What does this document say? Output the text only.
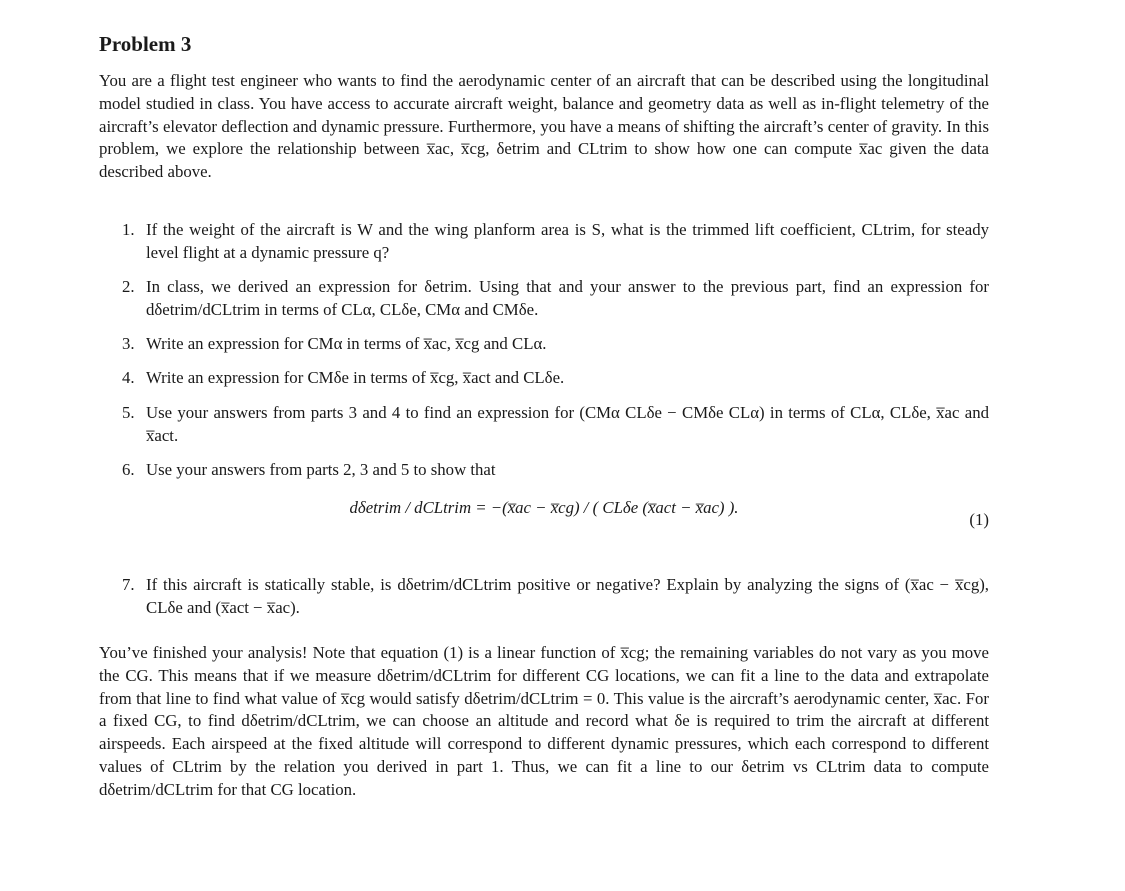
Problem 3
You are a flight test engineer who wants to find the aerodynamic center of an aircraft that can be described using the longitudinal model studied in class. You have access to accurate aircraft weight, balance and geometry data as well as in-flight telemetry of the aircraft’s elevator deflection and dynamic pressure. Furthermore, you have a means of shifting the aircraft’s center of gravity. In this problem, we explore the relationship between x̅ac, x̅cg, δetrim and CLtrim to show how one can compute x̅ac given the data described above.
1. If the weight of the aircraft is W and the wing planform area is S, what is the trimmed lift coefficient, CLtrim, for steady level flight at a dynamic pressure q?
2. In class, we derived an expression for δetrim. Using that and your answer to the previous part, find an expression for dδetrim/dCLtrim in terms of CLα, CLδe, CMα and CMδe.
3. Write an expression for CMα in terms of x̅ac, x̅cg and CLα.
4. Write an expression for CMδe in terms of x̅cg, x̅act and CLδe.
5. Use your answers from parts 3 and 4 to find an expression for (CMα CLδe − CMδe CLα) in terms of CLα, CLδe, x̅ac and x̅act.
6. Use your answers from parts 2, 3 and 5 to show that
dδetrim / dCLtrim = −(x̅ac − x̅cg) / ( CLδe (x̅act − x̅ac) ).
(1)
7. If this aircraft is statically stable, is dδetrim/dCLtrim positive or negative? Explain by analyzing the signs of (x̅ac − x̅cg), CLδe and (x̅act − x̅ac).
You’ve finished your analysis! Note that equation (1) is a linear function of x̅cg; the remaining variables do not vary as you move the CG. This means that if we measure dδetrim/dCLtrim for different CG locations, we can fit a line to the data and extrapolate from that line to find what value of x̅cg would satisfy dδetrim/dCLtrim = 0. This value is the aircraft’s aerodynamic center, x̅ac. For a fixed CG, to find dδetrim/dCLtrim, we can choose an altitude and record what δe is required to trim the aircraft at different airspeeds. Each airspeed at the fixed altitude will correspond to different dynamic pressures, which each correspond to different values of CLtrim by the relation you derived in part 1. Thus, we can fit a line to our δetrim vs CLtrim data to compute dδetrim/dCLtrim for that CG location.
